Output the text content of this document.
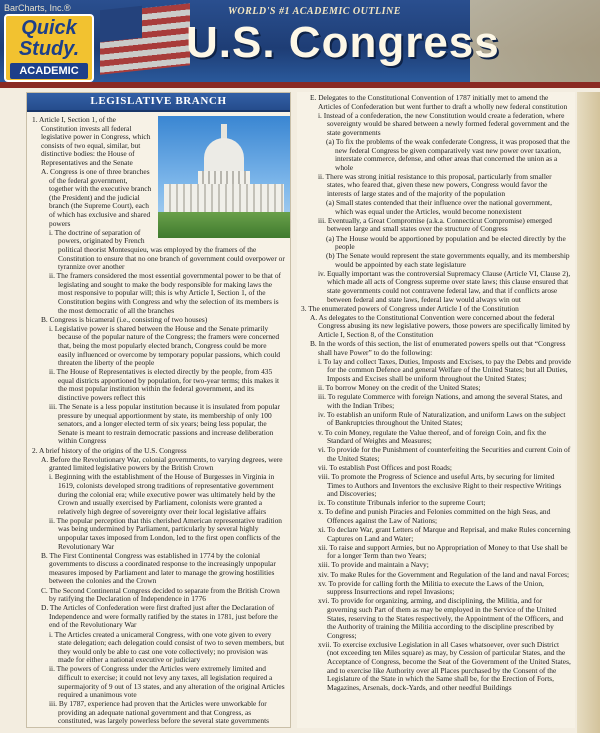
BarCharts, Inc.®
Quick
Study.
ACADEMIC
WORLD'S #1 ACADEMIC OUTLINE
U.S. Congress
LEGISLATIVE BRANCH

1. Article I, Section 1, of the Constitution invests all federal legislative power in Congress, which consists of two equal, similar, but distinctive bodies: the House of Representatives and the Senate

A. Congress is one of three branches of the federal government, together with the executive branch (the President) and the judicial branch (the Supreme Court), each of which has exclusive and shared powers

i. The doctrine of separation of powers, originated by French political theorist Montesquieu, was employed by the framers of the Constitution to ensure that no one branch of government could overpower or tyrannize over another

ii. The framers considered the most essential governmental power to be that of legislating and sought to make the body responsible for making laws the most responsive to popular will; this is why Article I, Section 1, of the Constitution begins with Congress and why the selection of its members is the most democratic of all the branches

B. Congress is bicameral (i.e., consisting of two houses)

i. Legislative power is shared between the House and the Senate primarily because of the popular nature of the Congress; the framers were concerned that, being the most popularly elected branch, Congress could be more easily influenced or overcome by temporary popular passions, which could threaten the liberty of the people

ii. The House of Representatives is elected directly by the people, from 435 equal districts apportioned by population, for two-year terms; this makes it the most popular institution within the federal government, and its distinctive powers reflect this

iii. The Senate is a less popular institution because it is insulated from popular pressure by unequal apportionment by state, its membership of only 100 senators, and a longer elected term of six years; being less popular, the Senate is meant to restrain democratic passions and increase deliberation within Congress

2. A brief history of the origins of the U.S. Congress

A. Before the Revolutionary War, colonial governments, to varying degrees, were granted limited legislative powers by the British Crown

i. Beginning with the establishment of the House of Burgesses in Virginia in 1619, colonists developed strong traditions of representative government during the colonial era; while executive power was ultimately held by the Crown and usually exercised by Parliament, colonists were granted a relatively high degree of sovereignty over their local legislative affairs

ii. The popular perception that this cherished American representative tradition was being undermined by Parliament, particularly by several highly unpopular taxes imposed from London, led to the first open conflicts of the Revolutionary War

B. The First Continental Congress was established in 1774 by the colonial governments to discuss a coordinated response to the increasingly unpopular measures imposed by Parliament and later to manage the growing hostilities between the colonies and the Crown

C. The Second Continental Congress decided to separate from the British Crown by ratifying the Declaration of Independence in 1776

D. The Articles of Confederation were first drafted just after the Declaration of Independence and were formally ratified by the states in 1781, just before the end of the Revolutionary War

i. The Articles created a unicameral Congress, with one vote given to every state delegation; each delegation could consist of two to seven members, but they would only be able to cast one vote collectively; no provision was made for either a national executive or judiciary

ii. The powers of Congress under the Articles were extremely limited and difficult to exercise; it could not levy any taxes, all legislation required a supermajority of 9 out of 13 states, and any alteration of the original Articles required a unanimous vote

iii. By 1787, experience had proven that the Articles were unworkable for providing an adequate national government and that Congress, as constituted, was largely powerless before the several state governments

E. Delegates to the Constitutional Convention of 1787 initially met to amend the Articles of Confederation but went further to draft a wholly new federal constitution

i. Instead of a confederation, the new Constitution would create a federation, where sovereignty would be shared between a newly formed federal government and the state governments

(a) To fix the problems of the weak confederate Congress, it was proposed that the new federal Congress be given comparatively vast new power over taxation, interstate commerce, defense, and other areas that concerned the union as a whole

ii. There was strong initial resistance to this proposal, particularly from smaller states, who feared that, given these new powers, Congress would favor the interests of large states and of the majority of the population

(a) Small states contended that their influence over the national government, which was equal under the Articles, would become nonexistent

iii. Eventually, a Great Compromise (a.k.a. Connecticut Compromise) emerged between large and small states over the structure of Congress

(a) The House would be apportioned by population and be elected directly by the people

(b) The Senate would represent the state governments equally, and its membership would be appointed by each state legislature

iv. Equally important was the controversial Supremacy Clause (Article VI, Clause 2), which made all acts of Congress supreme over state laws; this clause ensured that state governments could not contravene federal law, and that if conflicts arose between federal and state laws, federal law would always win out

3. The enumerated powers of Congress under Article I of the Constitution

A. As delegates to the Constitutional Convention were concerned about the federal Congress abusing its new legislative powers, those powers are specifically limited by Article I, Section 8, of the Constitution

B. In the words of this section, the list of enumerated powers spells out that “Congress shall have Power” to do the following:

i. To lay and collect Taxes, Duties, Imposts and Excises, to pay the Debts and provide for the common Defence and general Welfare of the United States; but all Duties, Imposts and Excises shall be uniform throughout the United States;

ii. To borrow Money on the credit of the United States;

iii. To regulate Commerce with foreign Nations, and among the several States, and with the Indian Tribes;

iv. To establish an uniform Rule of Naturalization, and uniform Laws on the subject of Bankruptcies throughout the United States;

v. To coin Money, regulate the Value thereof, and of foreign Coin, and fix the Standard of Weights and Measures;

vi. To provide for the Punishment of counterfeiting the Securities and current Coin of the United States;

vii. To establish Post Offices and post Roads;

viii. To promote the Progress of Science and useful Arts, by securing for limited Times to Authors and Inventors the exclusive Right to their respective Writings and Discoveries;

ix. To constitute Tribunals inferior to the supreme Court;

x. To define and punish Piracies and Felonies committed on the high Seas, and Offences against the Law of Nations;

xi. To declare War, grant Letters of Marque and Reprisal, and make Rules concerning Captures on Land and Water;

xii. To raise and support Armies, but no Appropriation of Money to that Use shall be for a longer Term than two Years;

xiii. To provide and maintain a Navy;

xiv. To make Rules for the Government and Regulation of the land and naval Forces;

xv. To provide for calling forth the Militia to execute the Laws of the Union, suppress Insurrections and repel Invasions;

xvi. To provide for organizing, arming, and disciplining, the Militia, and for governing such Part of them as may be employed in the Service of the United States, reserving to the States respectively, the Appointment of the Officers, and the Authority of training the Militia according to the discipline prescribed by Congress;

xvii. To exercise exclusive Legislation in all Cases whatsoever, over such District (not exceeding ten Miles square) as may, by Cession of particular States, and the Acceptance of Congress, become the Seat of the Government of the United States, and to exercise like Authority over all Places purchased by the Consent of the Legislature of the State in which the Same shall be, for the Erection of Forts, Magazines, Arsenals, dock-Yards, and other needful Buildings
